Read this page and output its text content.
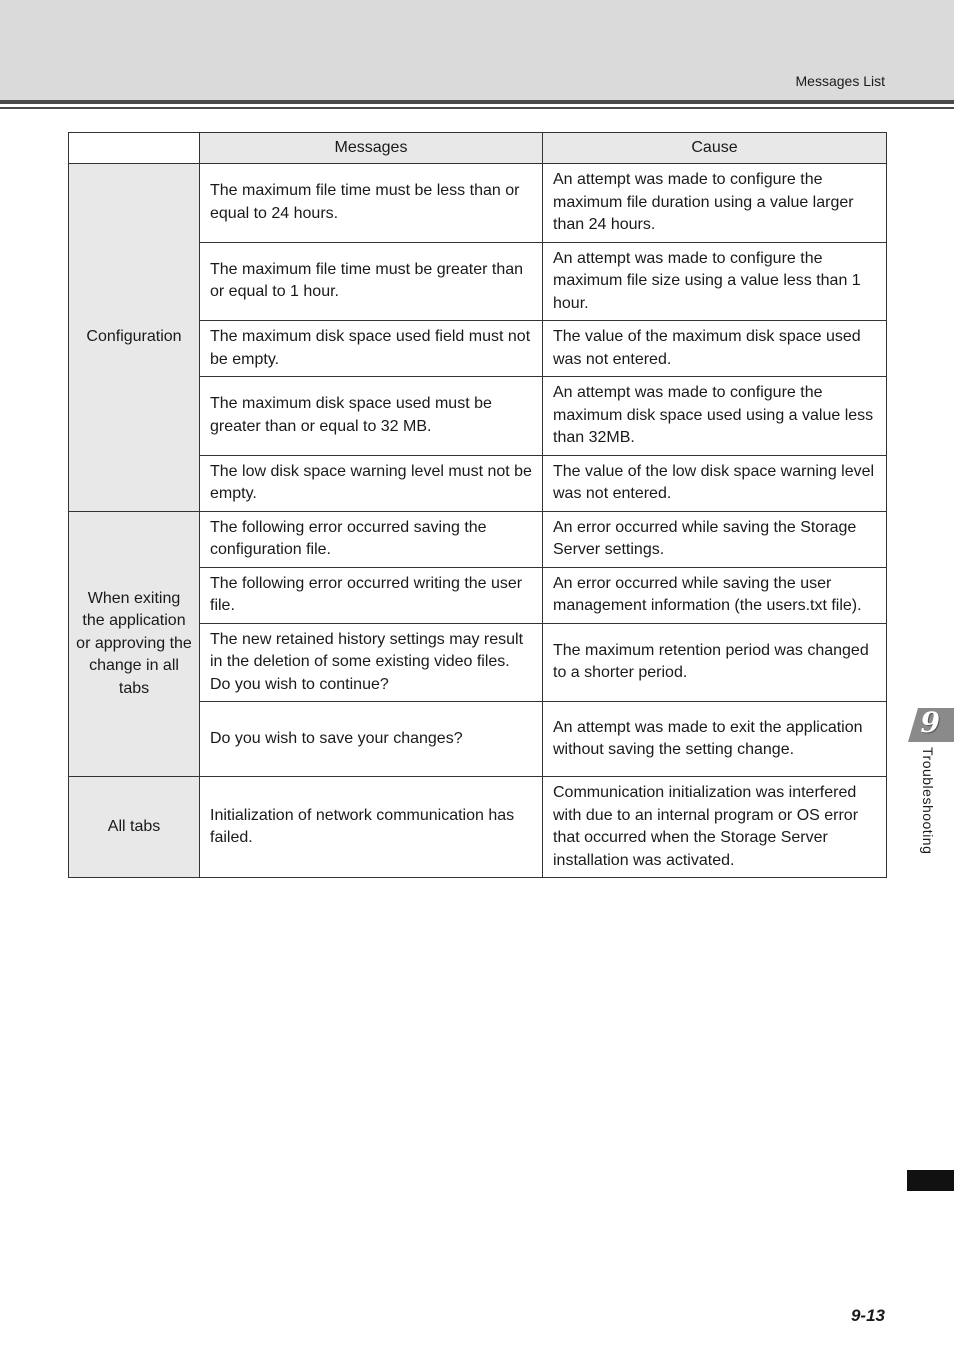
Messages List
	Messages	Cause
Configuration	The maximum file time must be less than or equal to 24 hours.	An attempt was made to configure the maximum file duration using a value larger than 24 hours.
	The maximum file time must be greater than or equal to 1 hour.	An attempt was made to configure the maximum file size using a value less than 1 hour.
	The maximum disk space used field must not be empty.	The value of the maximum disk space used was not entered.
	The maximum disk space used must be greater than or equal to 32 MB.	An attempt was made to configure the maximum disk space used using a value less than 32MB.
	The low disk space warning level must not be empty.	The value of the low disk space warning level was not entered.
When exiting the application or approving the change in all tabs	The following error occurred saving the configuration file.	An error occurred while saving the Storage Server settings.
	The following error occurred writing the user file.	An error occurred while saving the user management information (the users.txt file).
	The new retained history settings may result in the deletion of some existing video files. Do you wish to continue?	The maximum retention period was changed to a shorter period.
	Do you wish to save your changes?	An attempt was made to exit the application without saving the setting change.
All tabs	Initialization of network communication has failed.	Communication initialization was interfered with due to an internal program or OS error that occurred when the Storage Server installation was activated.
9
Troubleshooting
9-13
